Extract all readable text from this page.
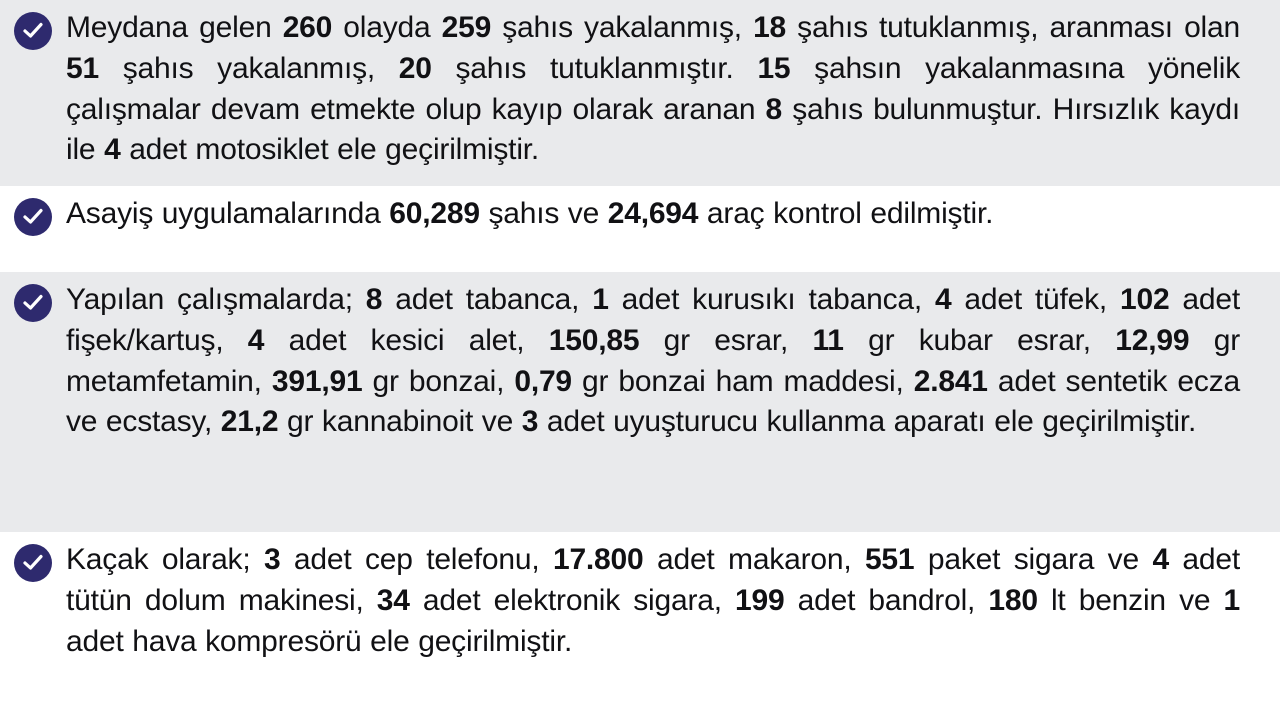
Meydana gelen 260 olayda 259 şahıs yakalanmış, 18 şahıs tutuklanmış, aranması olan 51 şahıs yakalanmış, 20 şahıs tutuklanmıştır. 15 şahsın yakalanmasına yönelik çalışmalar devam etmekte olup kayıp olarak aranan 8 şahıs bulunmuştur. Hırsızlık kaydı ile 4 adet motosiklet ele geçirilmiştir.
Asayiş uygulamalarında 60,289 şahıs ve 24,694 araç kontrol edilmiştir.
Yapılan çalışmalarda; 8 adet tabanca, 1 adet kurusıkı tabanca, 4 adet tüfek, 102 adet fişek/kartuş, 4 adet kesici alet, 150,85 gr esrar, 11 gr kubar esrar, 12,99 gr metamfetamin, 391,91 gr bonzai, 0,79 gr bonzai ham maddesi, 2.841 adet sentetik ecza ve ecstasy, 21,2 gr kannabinoit ve 3 adet uyuşturucu kullanma aparatı ele geçirilmiştir.
Kaçak olarak; 3 adet cep telefonu, 17.800 adet makaron, 551 paket sigara ve 4 adet tütün dolum makinesi, 34 adet elektronik sigara, 199 adet bandrol, 180 lt benzin ve 1 adet hava kompresörü ele geçirilmiştir.
